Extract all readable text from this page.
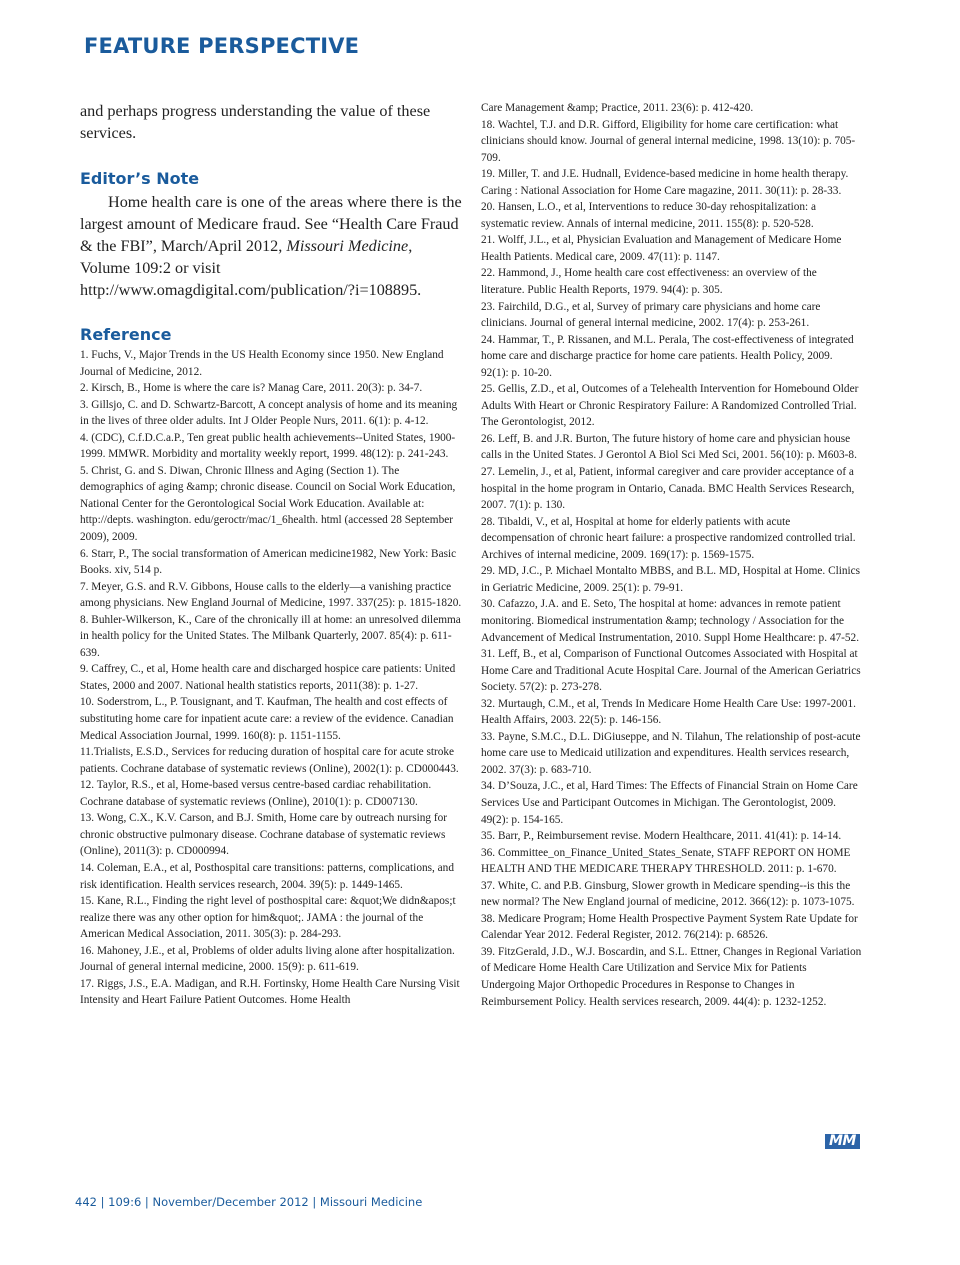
FEATURE PERSPECTIVE

and perhaps progress understanding the value of these services.

Editor’s Note

Home health care is one of the areas where there is the largest amount of Medicare fraud. See “Health Care Fraud & the FBI”, March/April 2012, Missouri Medicine, Volume 109:2 or visit http://www.omagdigital.com/publication/?i=108895.

Reference
1. Fuchs, V., Major Trends in the US Health Economy since 1950. New England Journal of Medicine, 2012.
2. Kirsch, B., Home is where the care is? Manag Care, 2011. 20(3): p. 34-7.
3. Gillsjo, C. and D. Schwartz-Barcott, A concept analysis of home and its meaning in the lives of three older adults. Int J Older People Nurs, 2011. 6(1): p. 4-12.
4. (CDC), C.f.D.C.a.P., Ten great public health achievements--United States, 1900-1999. MMWR. Morbidity and mortality weekly report, 1999. 48(12): p. 241-243.
5. Christ, G. and S. Diwan, Chronic Illness and Aging (Section 1). The demographics of aging &amp; chronic disease. Council on Social Work Education, National Center for the Gerontological Social Work Education. Available at: http://depts. washington. edu/geroctr/mac/1_6health. html (accessed 28 September 2009), 2009.
6. Starr, P., The social transformation of American medicine1982, New York: Basic Books. xiv, 514 p.
7. Meyer, G.S. and R.V. Gibbons, House calls to the elderly—a vanishing practice among physicians. New England Journal of Medicine, 1997. 337(25): p. 1815-1820.
8. Buhler-Wilkerson, K., Care of the chronically ill at home: an unresolved dilemma in health policy for the United States. The Milbank Quarterly, 2007. 85(4): p. 611-639.
9. Caffrey, C., et al, Home health care and discharged hospice care patients: United States, 2000 and 2007. National health statistics reports, 2011(38): p. 1-27.
10. Soderstrom, L., P. Tousignant, and T. Kaufman, The health and cost effects of substituting home care for inpatient acute care: a review of the evidence. Canadian Medical Association Journal, 1999. 160(8): p. 1151-1155.
11.Trialists, E.S.D., Services for reducing duration of hospital care for acute stroke patients. Cochrane database of systematic reviews (Online), 2002(1): p. CD000443.
12. Taylor, R.S., et al, Home-based versus centre-based cardiac rehabilitation. Cochrane database of systematic reviews (Online), 2010(1): p. CD007130.
13. Wong, C.X., K.V. Carson, and B.J. Smith, Home care by outreach nursing for chronic obstructive pulmonary disease. Cochrane database of systematic reviews (Online), 2011(3): p. CD000994.
14. Coleman, E.A., et al, Posthospital care transitions: patterns, complications, and risk identification. Health services research, 2004. 39(5): p. 1449-1465.
15. Kane, R.L., Finding the right level of posthospital care: &quot;We didn&apos;t realize there was any other option for him&quot;. JAMA : the journal of the American Medical Association, 2011. 305(3): p. 284-293.
16. Mahoney, J.E., et al, Problems of older adults living alone after hospitalization. Journal of general internal medicine, 2000. 15(9): p. 611-619.
17. Riggs, J.S., E.A. Madigan, and R.H. Fortinsky, Home Health Care Nursing Visit Intensity and Heart Failure Patient Outcomes. Home Health
Care Management &amp; Practice, 2011. 23(6): p. 412-420.
18. Wachtel, T.J. and D.R. Gifford, Eligibility for home care certification: what clinicians should know. Journal of general internal medicine, 1998. 13(10): p. 705-709.
19. Miller, T. and J.E. Hudnall, Evidence-based medicine in home health therapy. Caring : National Association for Home Care magazine, 2011. 30(11): p. 28-33.
20. Hansen, L.O., et al, Interventions to reduce 30-day rehospitalization: a systematic review. Annals of internal medicine, 2011. 155(8): p. 520-528.
21. Wolff, J.L., et al, Physician Evaluation and Management of Medicare Home Health Patients. Medical care, 2009. 47(11): p. 1147.
22. Hammond, J., Home health care cost effectiveness: an overview of the literature. Public Health Reports, 1979. 94(4): p. 305.
23. Fairchild, D.G., et al, Survey of primary care physicians and home care clinicians. Journal of general internal medicine, 2002. 17(4): p. 253-261.
24. Hammar, T., P. Rissanen, and M.L. Perala, The cost-effectiveness of integrated home care and discharge practice for home care patients. Health Policy, 2009. 92(1): p. 10-20.
25. Gellis, Z.D., et al, Outcomes of a Telehealth Intervention for Homebound Older Adults With Heart or Chronic Respiratory Failure: A Randomized Controlled Trial. The Gerontologist, 2012.
26. Leff, B. and J.R. Burton, The future history of home care and physician house calls in the United States. J Gerontol A Biol Sci Med Sci, 2001. 56(10): p. M603-8.
27. Lemelin, J., et al, Patient, informal caregiver and care provider acceptance of a hospital in the home program in Ontario, Canada. BMC Health Services Research, 2007. 7(1): p. 130.
28. Tibaldi, V., et al, Hospital at home for elderly patients with acute decompensation of chronic heart failure: a prospective randomized controlled trial. Archives of internal medicine, 2009. 169(17): p. 1569-1575.
29. MD, J.C., P. Michael Montalto MBBS, and B.L. MD, Hospital at Home. Clinics in Geriatric Medicine, 2009. 25(1): p. 79-91.
30. Cafazzo, J.A. and E. Seto, The hospital at home: advances in remote patient monitoring. Biomedical instrumentation &amp; technology / Association for the Advancement of Medical Instrumentation, 2010. Suppl Home Healthcare: p. 47-52.
31. Leff, B., et al, Comparison of Functional Outcomes Associated with Hospital at Home Care and Traditional Acute Hospital Care. Journal of the American Geriatrics Society. 57(2): p. 273-278.
32. Murtaugh, C.M., et al, Trends In Medicare Home Health Care Use: 1997-2001. Health Affairs, 2003. 22(5): p. 146-156.
33. Payne, S.M.C., D.L. DiGiuseppe, and N. Tilahun, The relationship of post-acute home care use to Medicaid utilization and expenditures. Health services research, 2002. 37(3): p. 683-710.
34. D’Souza, J.C., et al, Hard Times: The Effects of Financial Strain on Home Care Services Use and Participant Outcomes in Michigan. The Gerontologist, 2009. 49(2): p. 154-165.
35. Barr, P., Reimbursement revise. Modern Healthcare, 2011. 41(41): p. 14-14.
36. Committee_on_Finance_United_States_Senate, STAFF REPORT ON HOME HEALTH AND THE MEDICARE THERAPY THRESHOLD. 2011: p. 1-670.
37. White, C. and P.B. Ginsburg, Slower growth in Medicare spending--is this the new normal? The New England journal of medicine, 2012. 366(12): p. 1073-1075.
38. Medicare Program; Home Health Prospective Payment System Rate Update for Calendar Year 2012. Federal Register, 2012. 76(214): p. 68526.
39. FitzGerald, J.D., W.J. Boscardin, and S.L. Ettner, Changes in Regional Variation of Medicare Home Health Care Utilization and Service Mix for Patients Undergoing Major Orthopedic Procedures in Response to Changes in Reimbursement Policy. Health services research, 2009. 44(4): p. 1232-1252.
MM
442 | 109:6 | November/December 2012 | Missouri Medicine
